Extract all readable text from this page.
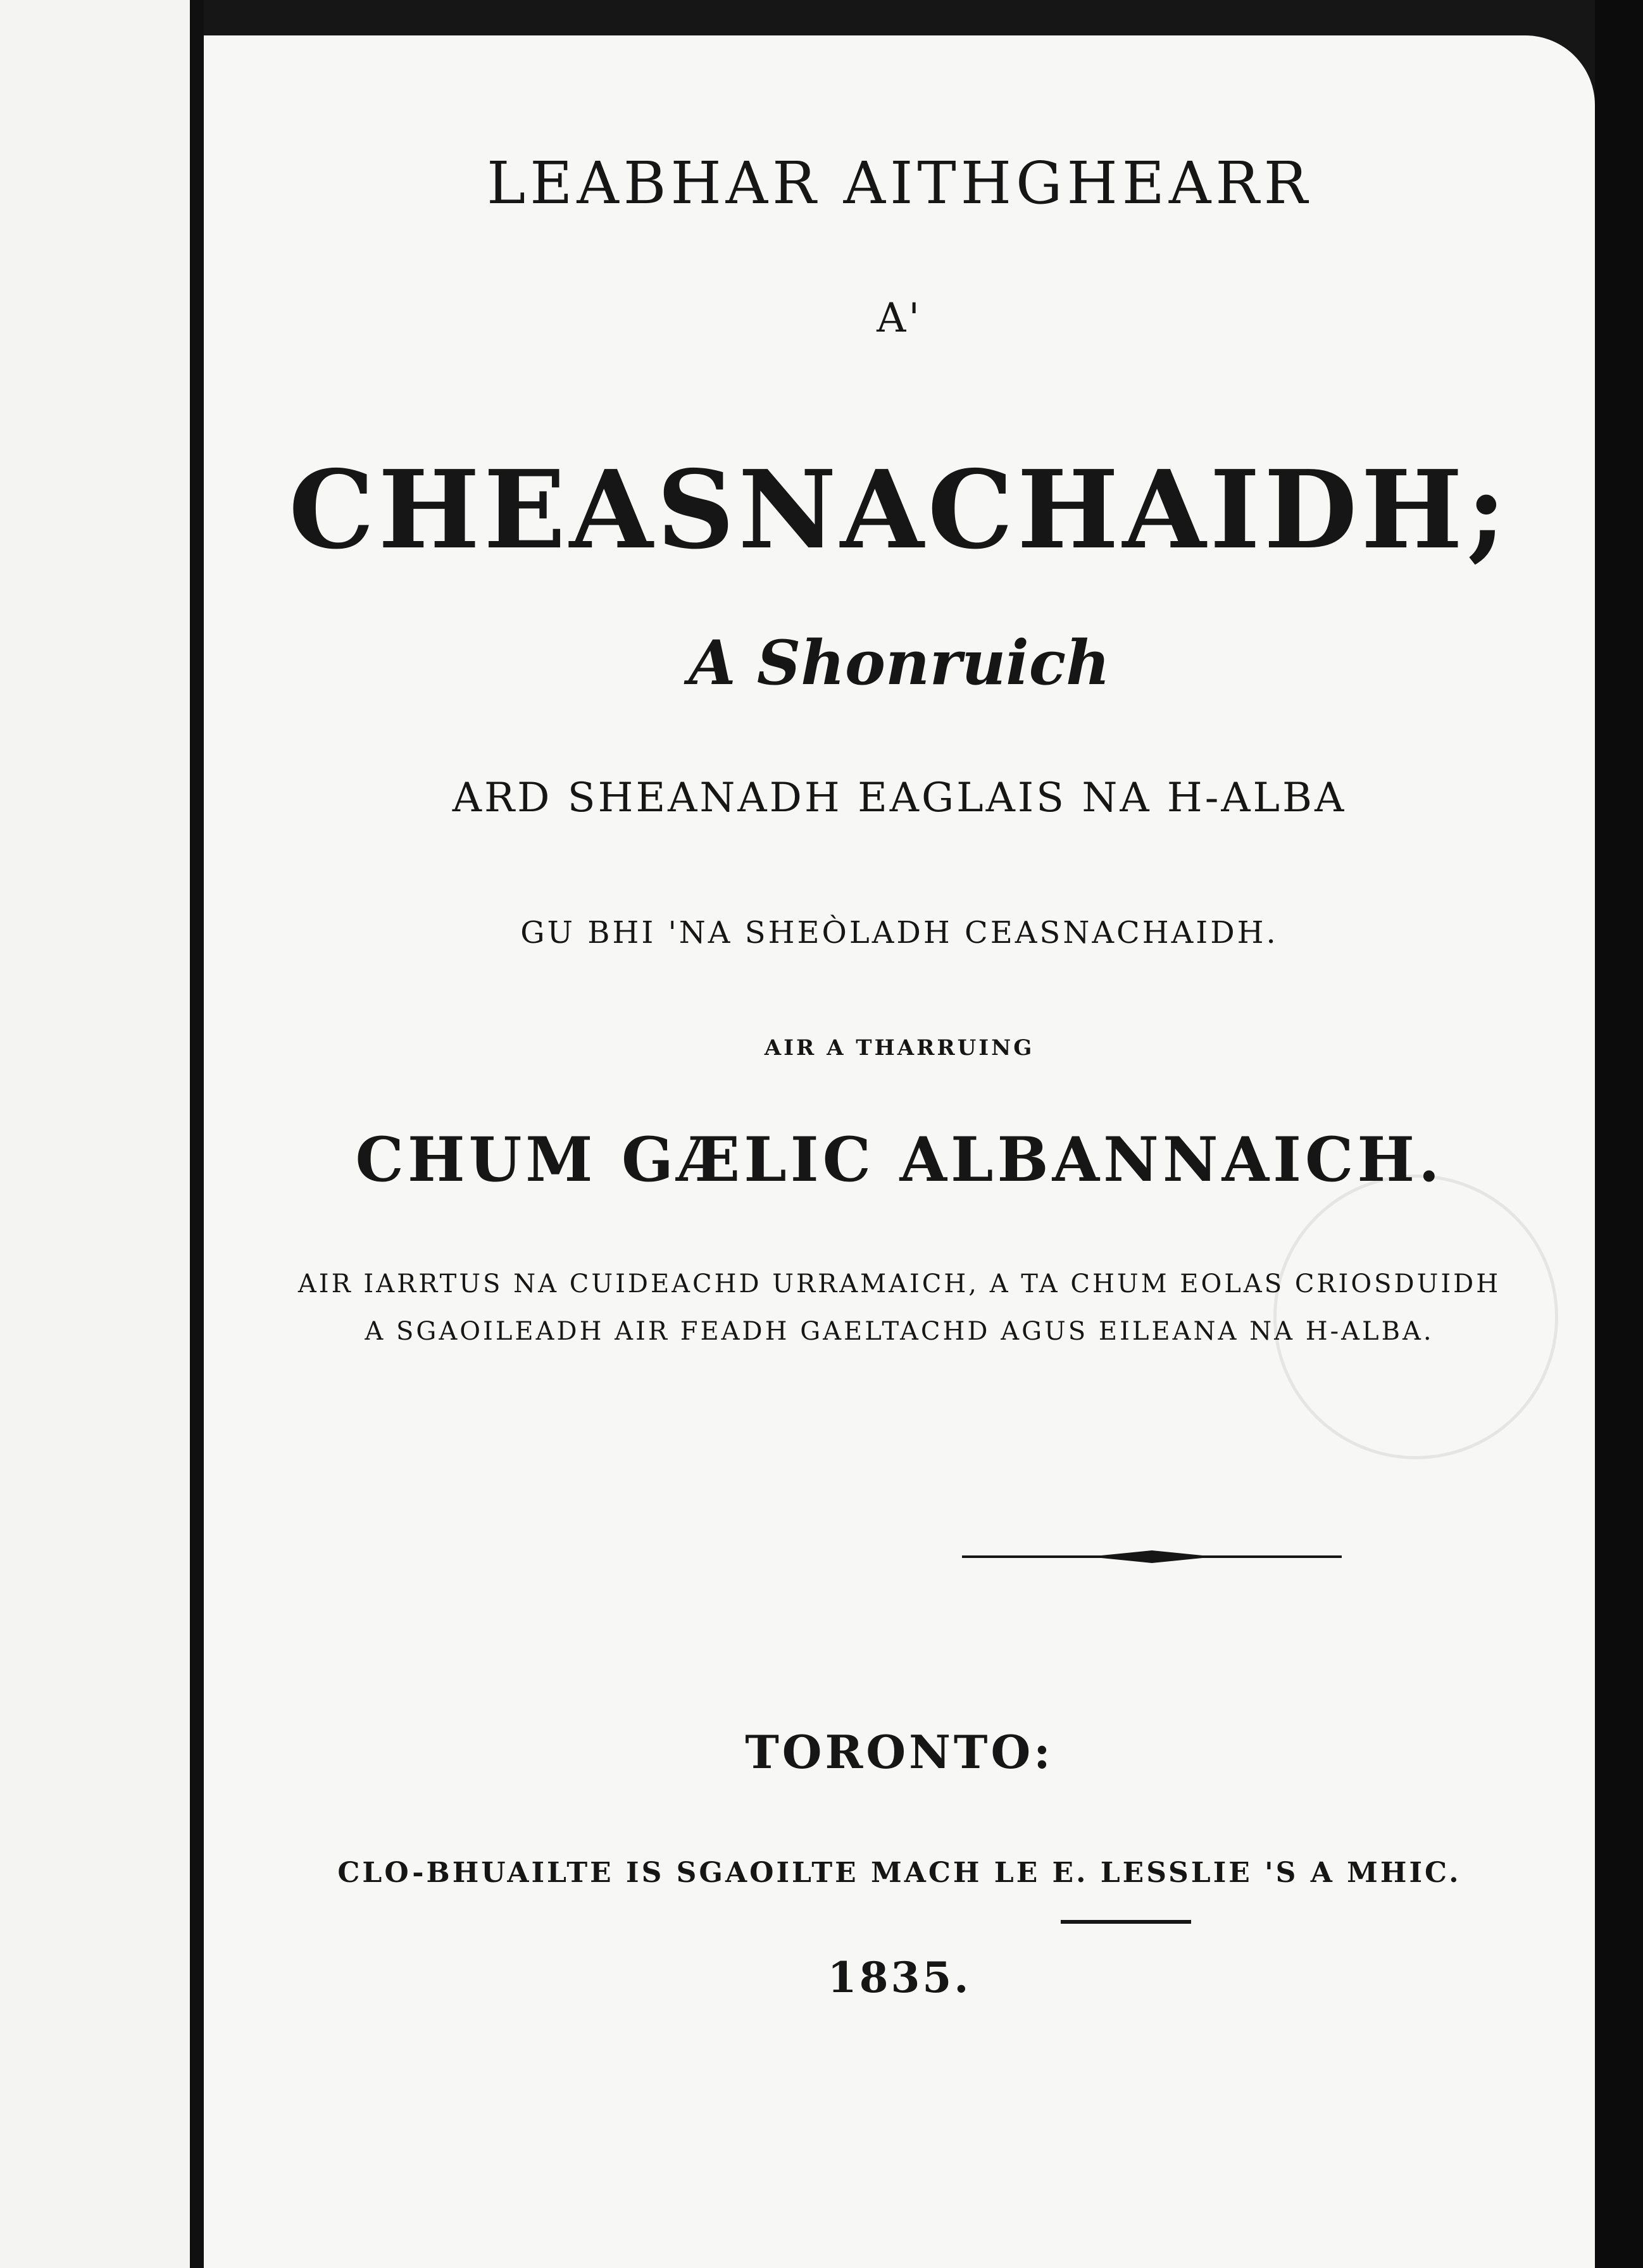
LEABHAR AITHGHEARR

A'

CHEASNACHAIDH;

A Shonruich

ARD SHEANADH EAGLAIS NA H-ALBA

GU BHI 'NA SHEÒLADH CEASNACHAIDH.

AIR A THARRUING

CHUM GÆLIC ALBANNAICH.

AIR IARRTUS NA CUIDEACHD URRAMAICH, A TA CHUM EOLAS CRIOSDUIDH

A SGAOILEADH AIR FEADH GAELTACHD AGUS EILEANA NA H-ALBA.

TORONTO:

CLO-BHUAILTE IS SGAOILTE MACH LE E. LESSLIE 'S A MHIC.

1835.
